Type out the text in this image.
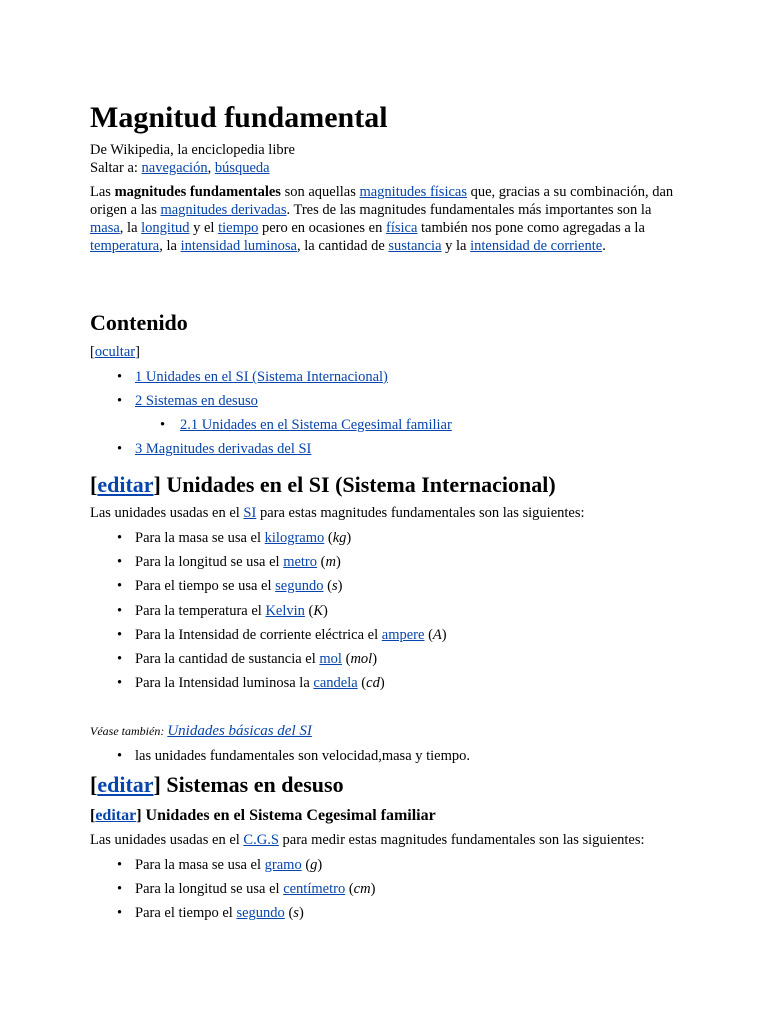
Magnitud fundamental

De Wikipedia, la enciclopedia libre

Saltar a: navegación, búsqueda

Las magnitudes fundamentales son aquellas magnitudes físicas que, gracias a su combinación, dan origen a las magnitudes derivadas. Tres de las magnitudes fundamentales más importantes son la masa, la longitud y el tiempo pero en ocasiones en física también nos pone como agregadas a la temperatura, la intensidad luminosa, la cantidad de sustancia y la intensidad de corriente.

Contenido

[ocultar]

• 1 Unidades en el SI (Sistema Internacional)
• 2 Sistemas en desuso
• 2.1 Unidades en el Sistema Cegesimal familiar
• 3 Magnitudes derivadas del SI
[editar] Unidades en el SI (Sistema Internacional)

Las unidades usadas en el SI para estas magnitudes fundamentales son las siguientes:

• Para la masa se usa el kilogramo (kg)
• Para la longitud se usa el metro (m)
• Para el tiempo se usa el segundo (s)
• Para la temperatura el Kelvin (K)
• Para la Intensidad de corriente eléctrica el ampere (A)
• Para la cantidad de sustancia el mol (mol)
• Para la Intensidad luminosa la candela (cd)

Véase también: Unidades básicas del SI

• las unidades fundamentales son velocidad,masa y tiempo.
[editar] Sistemas en desuso
[editar] Unidades en el Sistema Cegesimal familiar

Las unidades usadas en el C.G.S para medir estas magnitudes fundamentales son las siguientes:

• Para la masa se usa el gramo (g)
• Para la longitud se usa el centímetro (cm)
• Para el tiempo el segundo (s)
